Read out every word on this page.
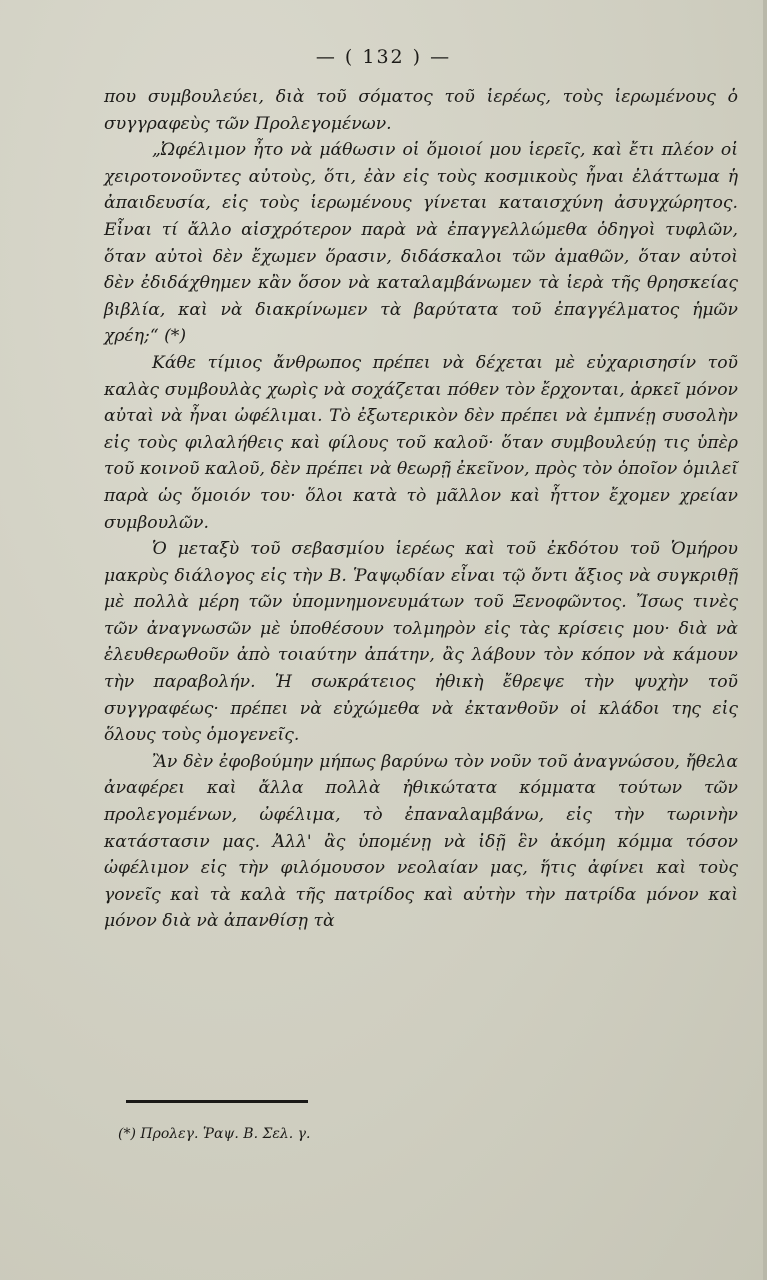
— ( 132 ) —

που συμβουλεύει, διὰ τοῦ σόματος τοῦ ἱερέως, τοὺς ἱερωμένους ὁ συγγραφεὺς τῶν Προλεγομένων.

„Ὠφέλιμον ἦτο νὰ μάθωσιν οἱ ὅμοιοί μου ἱερεῖς, καὶ ἔτι πλέον οἱ χειροτονοῦντες αὐτοὺς, ὅτι, ἐὰν εἰς τοὺς κοσμικοὺς ἦναι ἐλάττωμα ἡ ἀπαιδευσία, εἰς τοὺς ἱερωμένους γίνεται καταισχύνη ἀσυγχώρητος. Εἶναι τί ἄλλο αἰσχρότερον παρὰ νὰ ἐπαγγελλώμεθα ὁδηγοὶ τυφλῶν, ὅταν αὐτοὶ δὲν ἔχωμεν ὅρασιν, διδάσκαλοι τῶν ἀμαθῶν, ὅταν αὐτοὶ δὲν ἐδιδάχθημεν κἂν ὅσον νὰ καταλαμβάνωμεν τὰ ἱερὰ τῆς θρησκείας βιβλία, καὶ νὰ διακρίνωμεν τὰ βαρύτατα τοῦ ἐπαγγέλματος ἡμῶν χρέη;“ (*)

Κάθε τίμιος ἄνθρωπος πρέπει νὰ δέχεται μὲ εὐχαρισησίν τοῦ καλὰς συμβουλὰς χωρὶς νὰ σοχάζεται πόθεν τὸν ἔρχονται, ἀρκεῖ μόνον αὐταὶ νὰ ἦναι ὠφέλιμαι. Τὸ ἐξωτερικὸν δὲν πρέπει νὰ ἐμπνέῃ συσολὴν εἰς τοὺς φιλαλήθεις καὶ φίλους τοῦ καλοῦ· ὅταν συμβουλεύῃ τις ὑπὲρ τοῦ κοινοῦ καλοῦ, δὲν πρέπει νὰ θεωρῇ ἐκεῖνον, πρὸς τὸν ὁποῖον ὁμιλεῖ παρὰ ὡς ὅμοιόν του· ὅλοι κατὰ τὸ μᾶλλον καὶ ἧττον ἔχομεν χρείαν συμβουλῶν.

Ὁ μεταξὺ τοῦ σεβασμίου ἱερέως καὶ τοῦ ἐκδότου τοῦ Ὁμήρου μακρὺς διάλογος εἰς τὴν Β. Ῥαψῳδίαν εἶναι τῷ ὄντι ἄξιος νὰ συγκριθῇ μὲ πολλὰ μέρη τῶν ὑπομνημονευμάτων τοῦ Ξενοφῶντος. Ἴσως τινὲς τῶν ἀναγνωσῶν μὲ ὑποθέσουν τολμηρὸν εἰς τὰς κρίσεις μου· διὰ νὰ ἐλευθερωθοῦν ἀπὸ τοιαύτην ἀπάτην, ἂς λάβουν τὸν κόπον νὰ κάμουν τὴν παραβολήν. Ἡ σωκράτειος ἠθικὴ ἔθρεψε τὴν ψυχὴν τοῦ συγγραφέως· πρέπει νὰ εὐχώμεθα νὰ ἐκτανθοῦν οἱ κλάδοι της εἰς ὅλους τοὺς ὁμογενεῖς.

Ἂν δὲν ἐφοβούμην μήπως βαρύνω τὸν νοῦν τοῦ ἀναγνώσου, ἤθελα ἀναφέρει καὶ ἄλλα πολλὰ ἠθικώτατα κόμματα τούτων τῶν προλεγομένων, ὠφέλιμα, τὸ ἐπαναλαμβάνω, εἰς τὴν τωρινὴν κατάστασιν μας. Ἀλλ' ἂς ὑπομένῃ νὰ ἰδῇ ἓν ἀκόμη κόμμα τόσον ὠφέλιμον εἰς τὴν φιλόμουσον νεολαίαν μας, ἥτις ἀφίνει καὶ τοὺς γονεῖς καὶ τὰ καλὰ τῆς πατρίδος καὶ αὐτὴν τὴν πατρίδα μόνον καὶ μόνον διὰ νὰ ἀπανθίσῃ τὰ

(*) Προλεγ. Ῥαψ. Β. Σελ. γ.
